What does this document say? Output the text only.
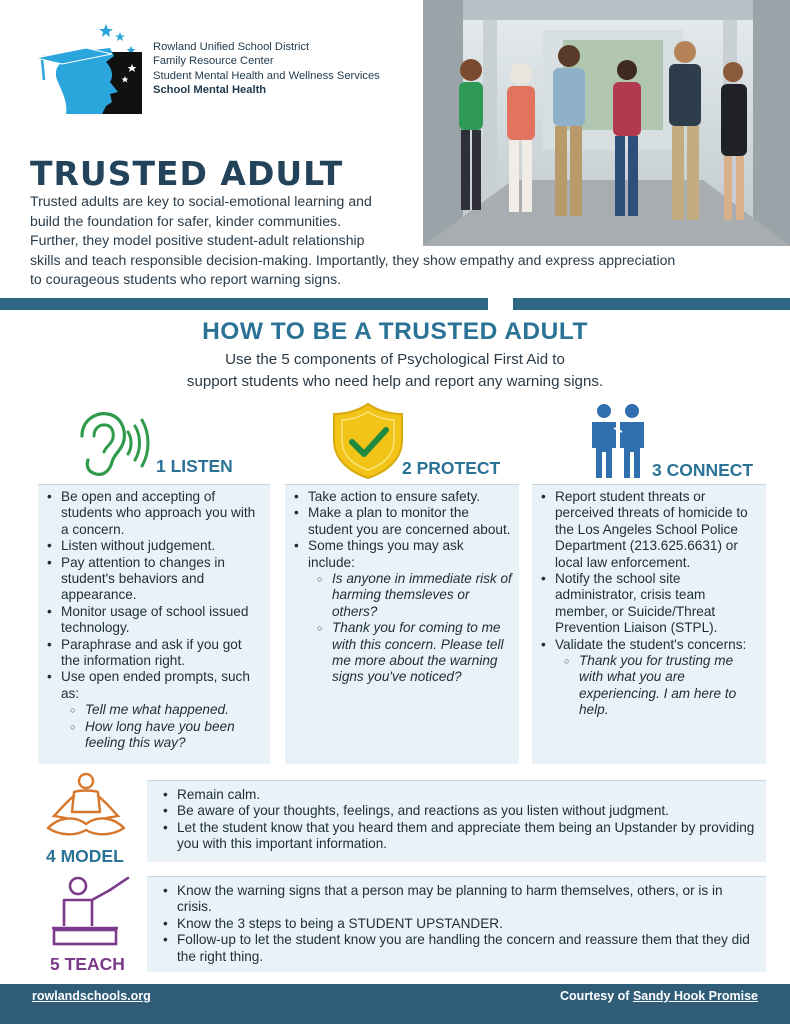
Rowland Unified School District
Family Resource Center
Student Mental Health and Wellness Services
School Mental Health
TRUSTED ADULT
Trusted adults are key to social-emotional learning and
build the foundation for safer, kinder communities.
Further, they model positive student-adult relationship
skills and teach responsible decision-making. Importantly, they show empathy and express appreciation
to courageous students who report warning signs.
HOW TO BE A TRUSTED ADULT
Use the 5 components of Psychological First Aid to
support students who need help and report any warning signs.
1 LISTEN
• Be open and accepting of students who approach you with a concern.
• Listen without judgement.
• Pay attention to changes in student's behaviors and appearance.
• Monitor usage of school issued technology.
• Paraphrase and ask if you got the information right.
• Use open ended prompts, such as:
○ Tell me what happened.
○ How long have you been feeling this way?
2 PROTECT
• Take action to ensure safety.
• Make a plan to monitor the student you are concerned about.
• Some things you may ask include:
○ Is anyone in immediate risk of harming themsleves or others?
○ Thank you for coming to me with this concern. Please tell me more about the warning signs you've noticed?
3 CONNECT
• Report student threats or perceived threats of homicide to the Los Angeles School Police Department (213.625.6631) or local law enforcement.
• Notify the school site administrator, crisis team member, or Suicide/Threat Prevention Liaison (STPL).
• Validate the student's concerns:
○ Thank you for trusting me with what you are experiencing. I am here to help.
4 MODEL
• Remain calm.
• Be aware of your thoughts, feelings, and reactions as you listen without judgment.
• Let the student know that you heard them and appreciate them being an Upstander by providing you with this important information.
5 TEACH
• Know the warning signs that a person may be planning to harm themselves, others, or is in crisis.
• Know the 3 steps to being a STUDENT UPSTANDER.
• Follow-up to let the student know you are handling the concern and reassure them that they did the right thing.
rowlandschools.org	Courtesy of Sandy Hook Promise
